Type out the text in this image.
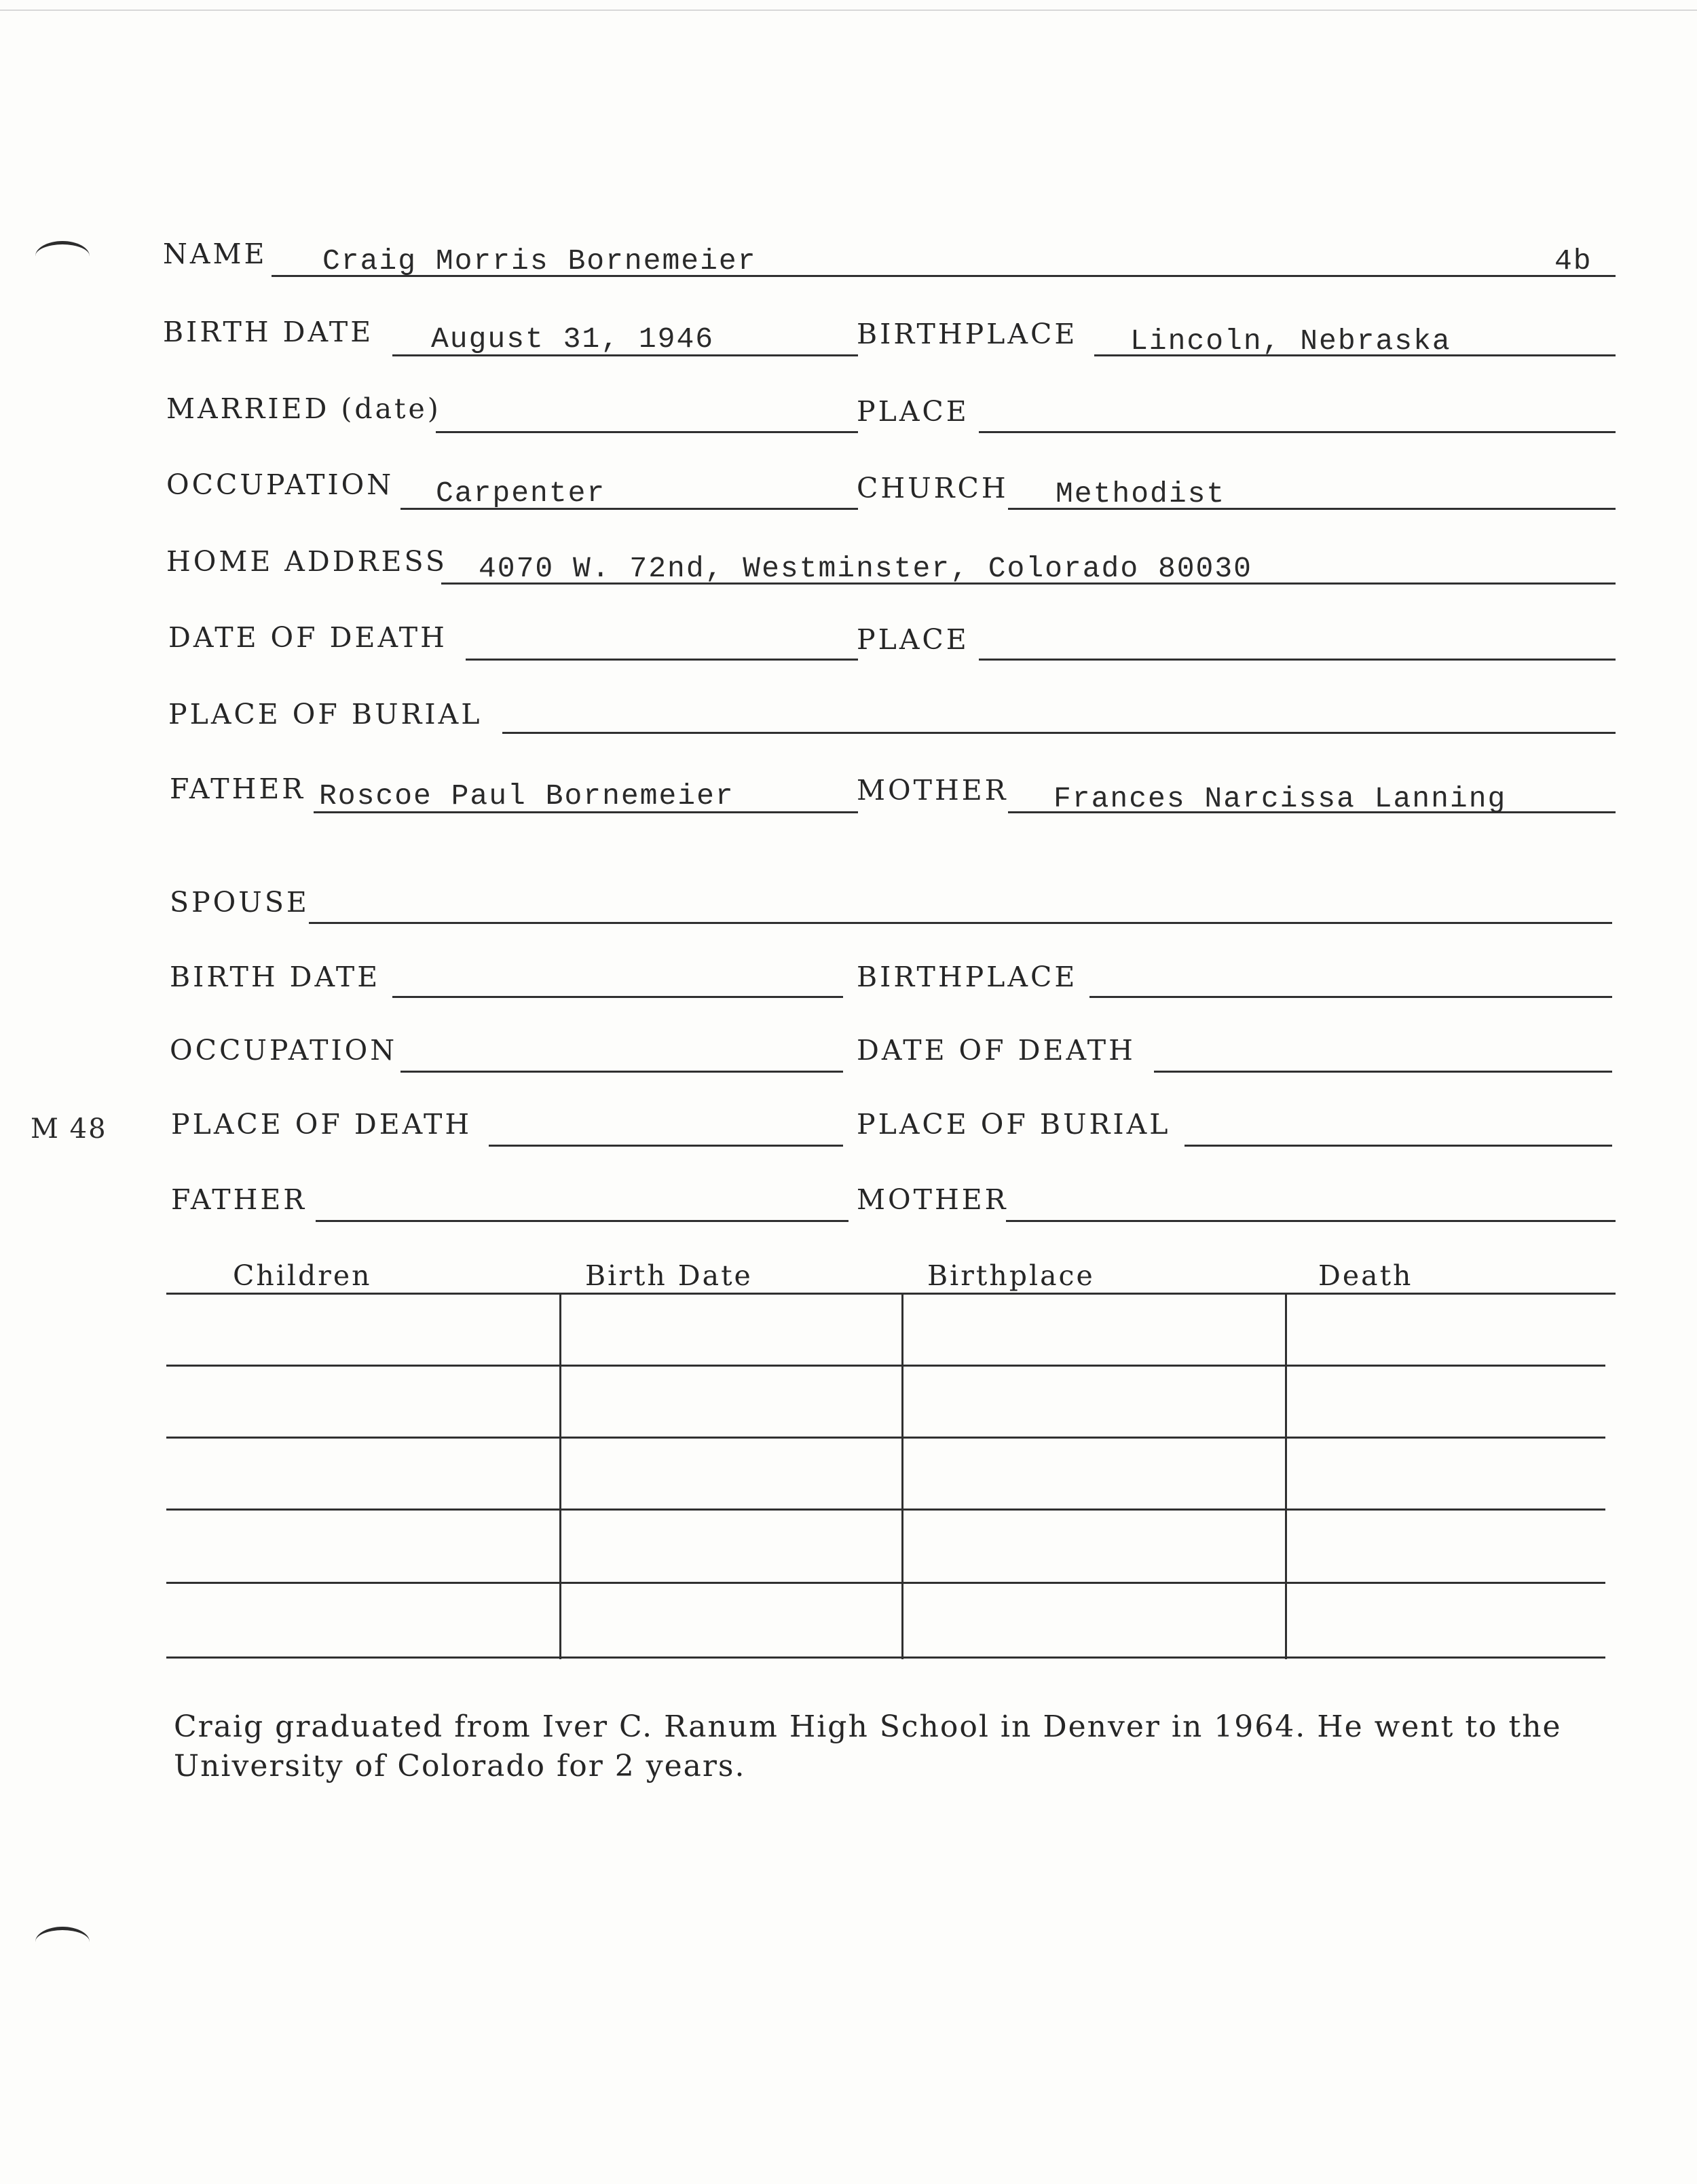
NAME Craig Morris Bornemeier	4b
BIRTH DATE August 31, 1946	BIRTHPLACE Lincoln, Nebraska
MARRIED (date)	PLACE
OCCUPATION Carpenter	CHURCH Methodist
HOME ADDRESS 4070 W. 72nd, Westminster, Colorado 80030
DATE OF DEATH	PLACE
PLACE OF BURIAL
FATHER Roscoe Paul Bornemeier	MOTHER Frances Narcissa Lanning
SPOUSE
BIRTH DATE	BIRTHPLACE
OCCUPATION	DATE OF DEATH
M 48 PLACE OF DEATH	PLACE OF BURIAL
FATHER	MOTHER
Children	Birth Date	Birthplace	Death
Craig graduated from Iver C. Ranum High School in Denver in 1964. He went to the University of Colorado for 2 years.
